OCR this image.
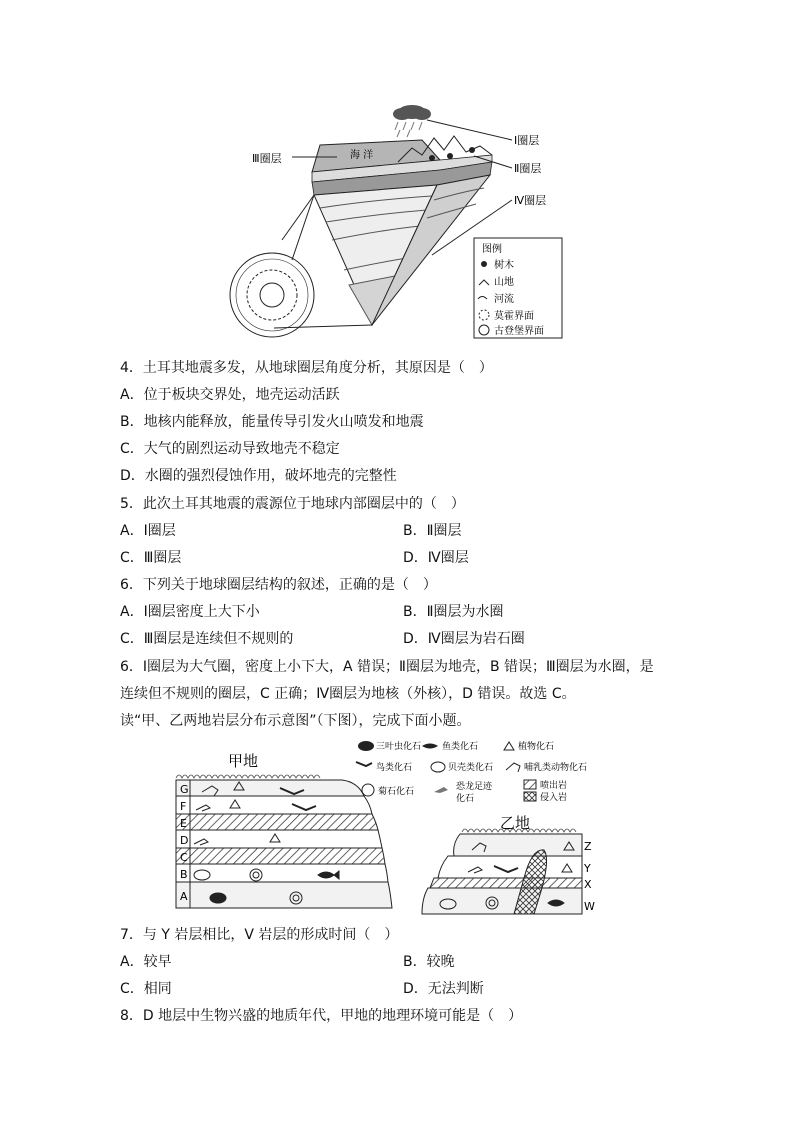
海 洋
Ⅰ圈层
Ⅱ圈层
Ⅲ圈层
Ⅳ圈层
图例
树木
山地
河流
莫霍界面
古登堡界面
4．土耳其地震多发，从地球圈层角度分析，其原因是（　）
A．位于板块交界处，地壳运动活跃
B．地核内能释放，能量传导引发火山喷发和地震
C．大气的剧烈运动导致地壳不稳定
D．水圈的强烈侵蚀作用，破坏地壳的完整性
5．此次土耳其地震的震源位于地球内部圈层中的（　）
A．Ⅰ圈层	B．Ⅱ圈层
C．Ⅲ圈层	D．Ⅳ圈层
6．下列关于地球圈层结构的叙述，正确的是（　）
A．Ⅰ圈层密度上大下小	B．Ⅱ圈层为水圈
C．Ⅲ圈层是连续但不规则的	D．Ⅳ圈层为岩石圈
6．Ⅰ圈层为大气圈，密度上小下大，A 错误；Ⅱ圈层为地壳，B 错误；Ⅲ圈层为水圈，是
连续但不规则的圈层，C 正确；Ⅳ圈层为地核（外核），D 错误。故选 C。
读“甲、乙两地岩层分布示意图”（下图），完成下面小题。
甲地
G
F
E
D
C
B
A
三叶虫化石 鱼类化石	植物化石
鸟类化石	贝壳类化石	哺乳类动物化石
菊石化石	恐龙足迹
化石
喷出岩
侵入岩
乙地
Z
Y
X
W
7．与 Y 岩层相比，V 岩层的形成时间（　）
A．较早	B．较晚
C．相同	D．无法判断
8．D 地层中生物兴盛的地质年代，甲地的地理环境可能是（　）
